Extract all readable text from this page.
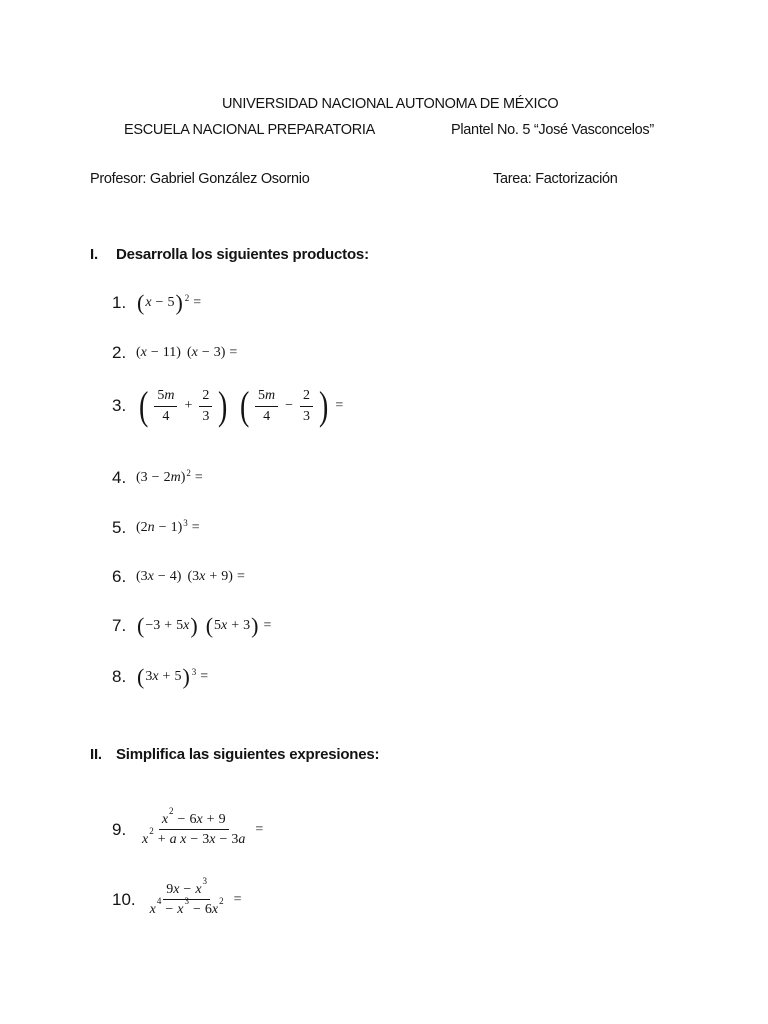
UNIVERSIDAD NACIONAL AUTONOMA DE MÉXICO
ESCUELA NACIONAL PREPARATORIA	Plantel No. 5 “José Vasconcelos”
Profesor: Gabriel González Osornio	Tarea: Factorización
I. Desarrolla los siguientes productos:
1. ( x − 5 )$^2$ =
2. ( x − 11) ( x − 3) =
3. ( $\frac{5m}{4} + \frac{2}{3}$ ) ( $\frac{5m}{4} - \frac{2}{3}$ ) =
4. (3 − 2 m )$^2$ =
5. (2 n − 1)$^3$ =
6. (3 x − 4) (3 x + 9) =
7. ( −3 + 5 x ) ( 5 x + 3 ) =
8. ( 3 x + 5 )$^3$ =
II. Simplifica las siguientes expresiones:
9. $\frac{x^2- 6x + 9}{x^2+ a x - 3x - 3a}$ =
10. $\frac{9x - x^3}{x^4- x^3- 6x^2}$ =
